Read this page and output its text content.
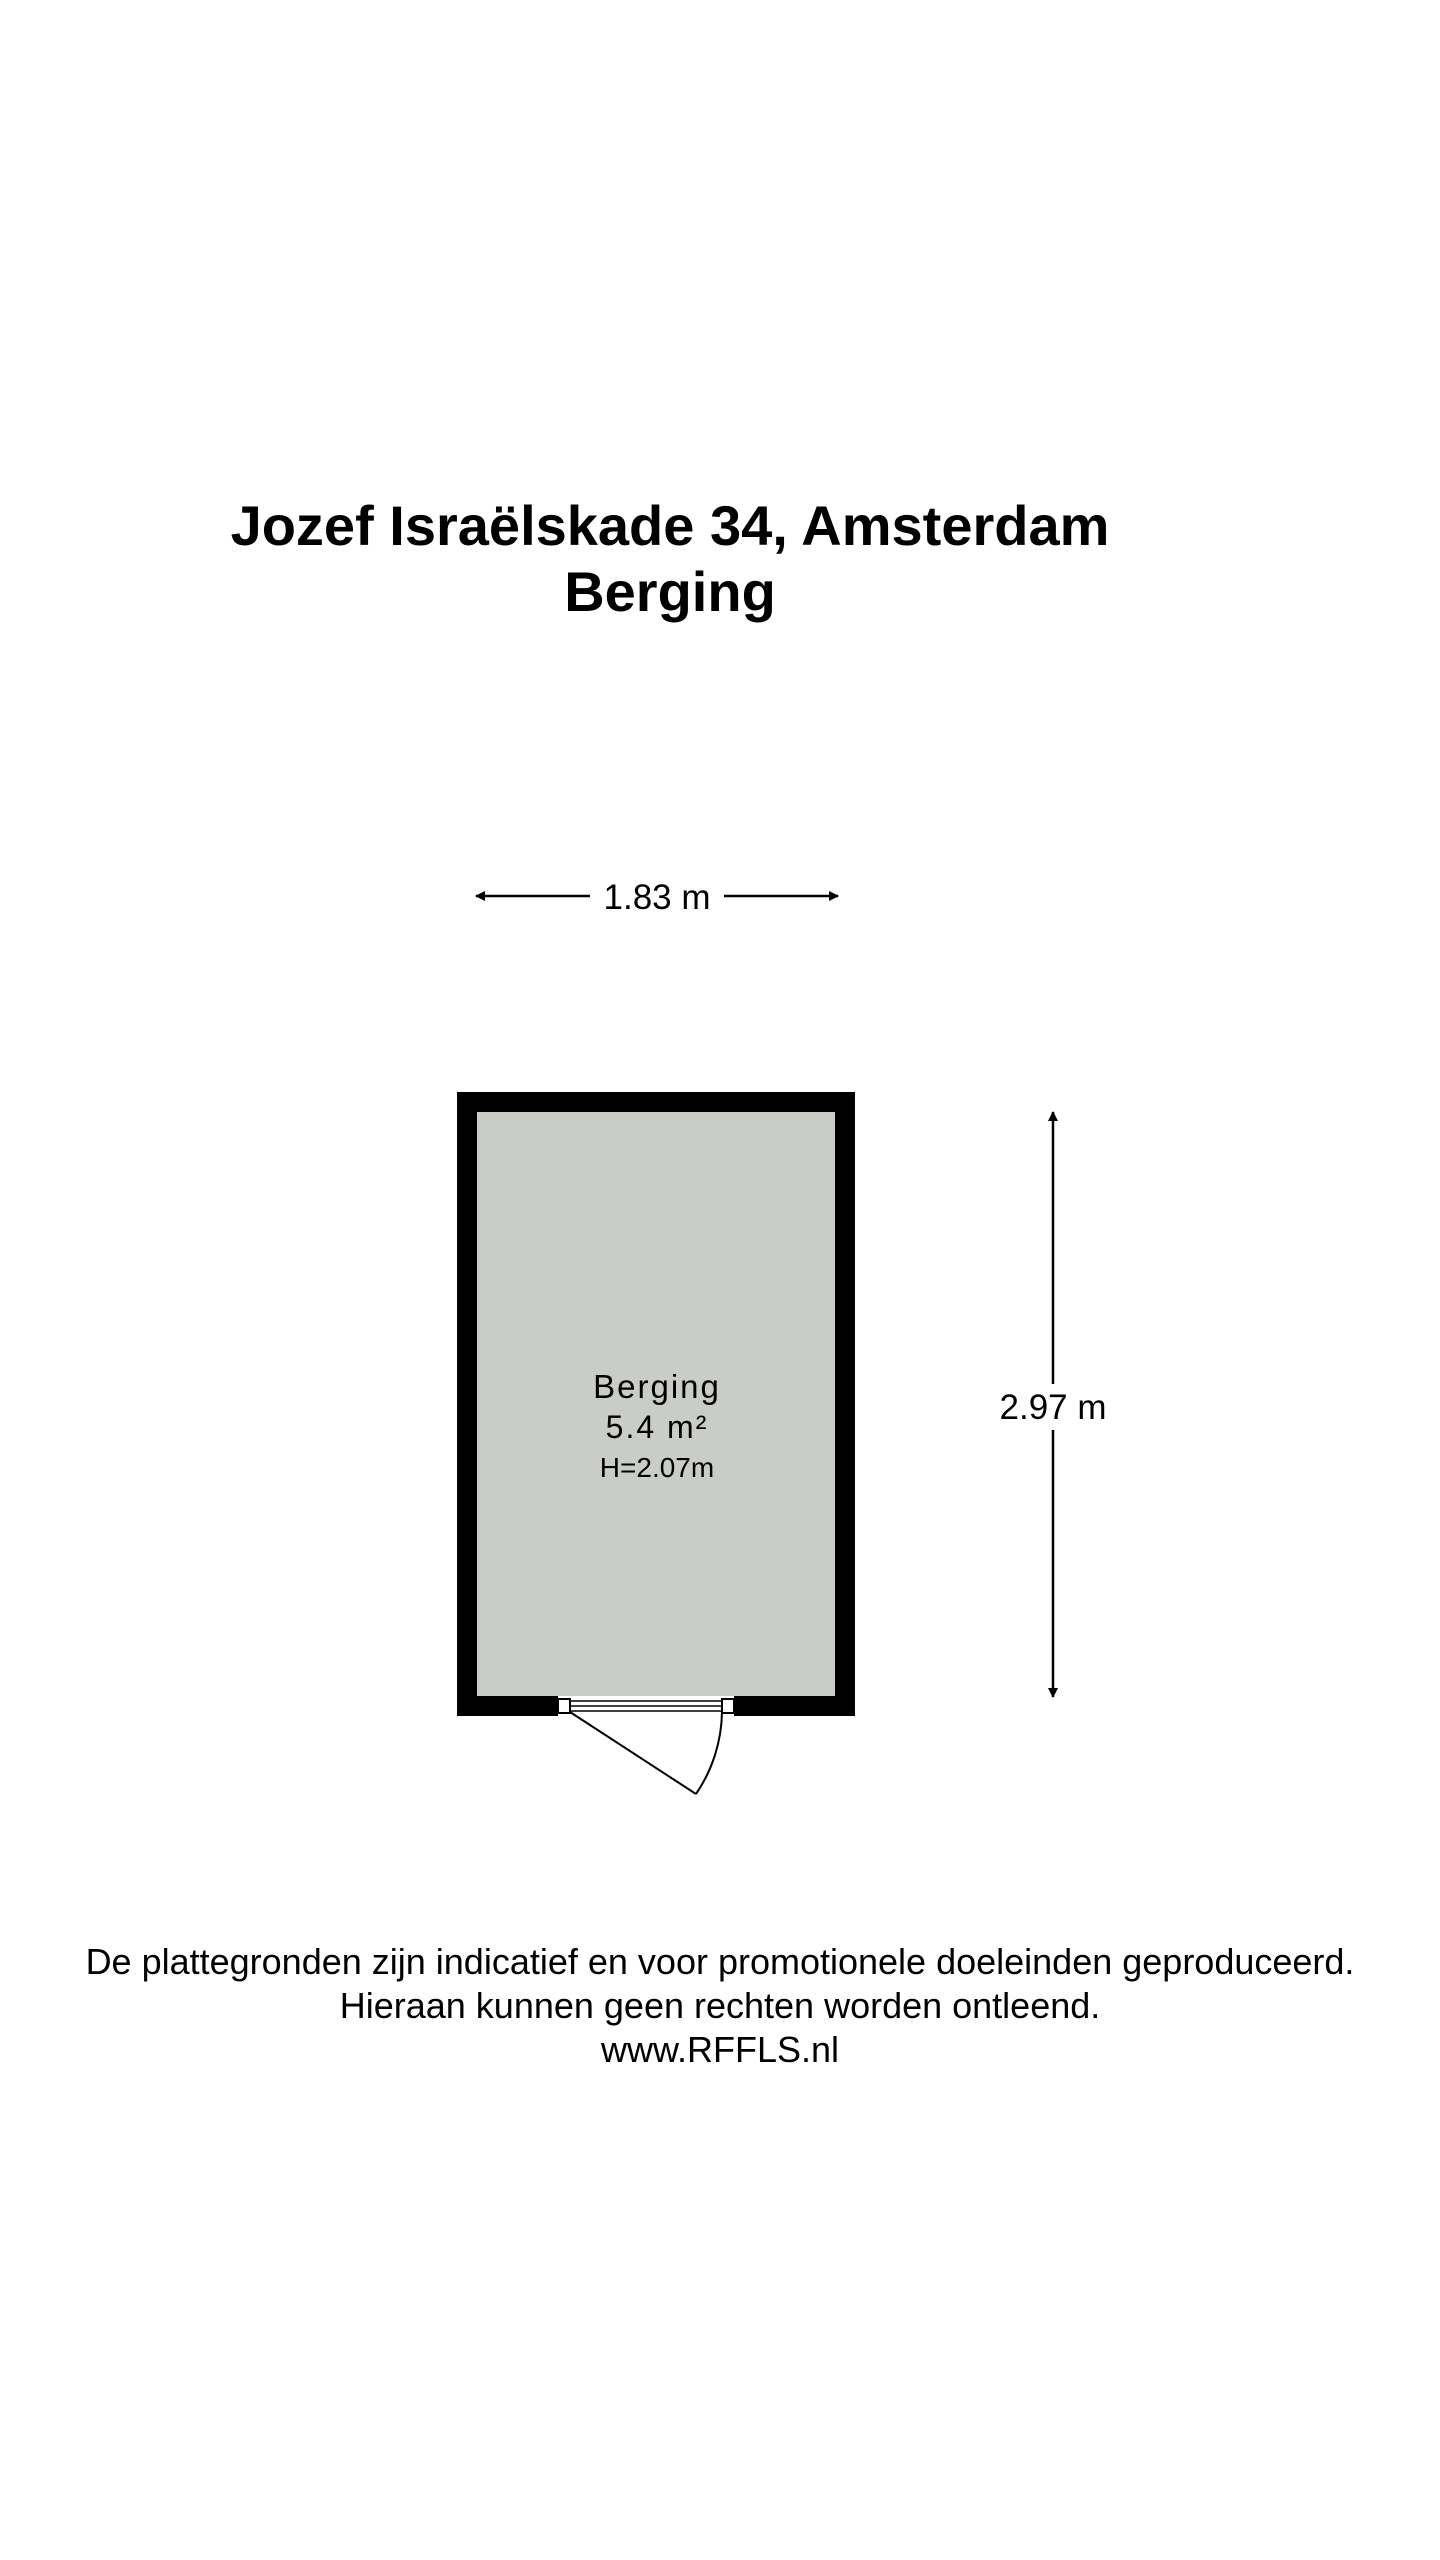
Jozef Israëlskade 34, Amsterdam
Berging
1.83 m
Berging
5.4 m²
H=2.07m
2.97 m

De plattegronden zijn indicatief en voor promotionele doeleinden geproduceerd.

Hieraan kunnen geen rechten worden ontleend.

www.RFFLS.nl
